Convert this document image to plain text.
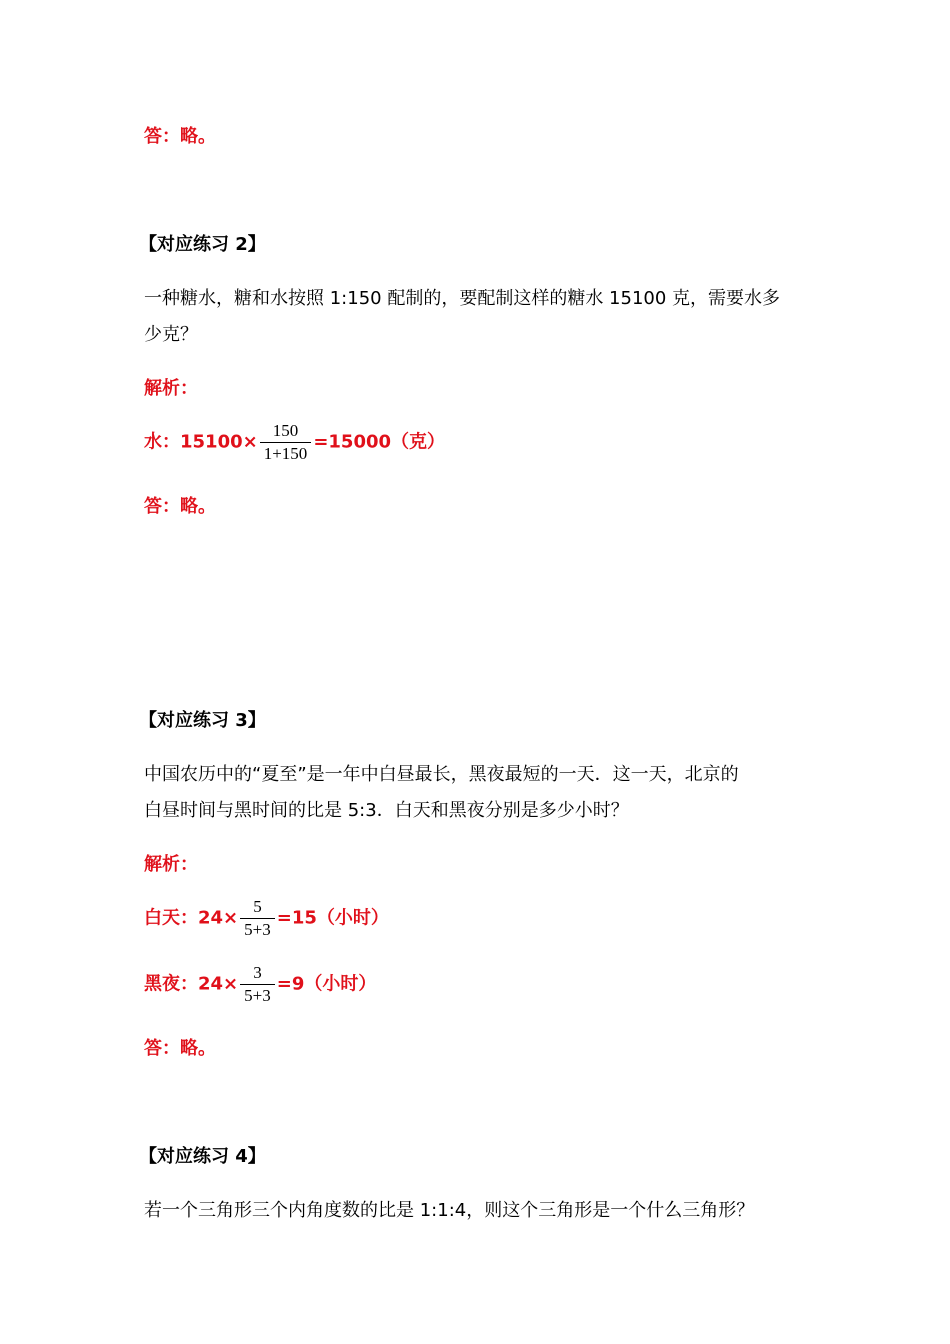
答：略。
【对应练习 2】
一种糖水，糖和水按照 1:150 配制的，要配制这样的糖水 15100 克，需要水多
少克？
解析：
水：$15100\times \frac{150}{1+150} =15000$（克）
答：略。
【对应练习 3】
中国农历中的“夏至”是一年中白昼最长，黑夜最短的一天．这一天，北京的
白昼时间与黑时间的比是 5:3．白天和黑夜分别是多少小时？
解析：
白天：$24\times \frac{5}{5+3} =15$（小时）
黑夜：$24\times \frac{3}{5+3} =9$（小时）
答：略。
【对应练习 4】
若一个三角形三个内角度数的比是 1:1:4，则这个三角形是一个什么三角形？
